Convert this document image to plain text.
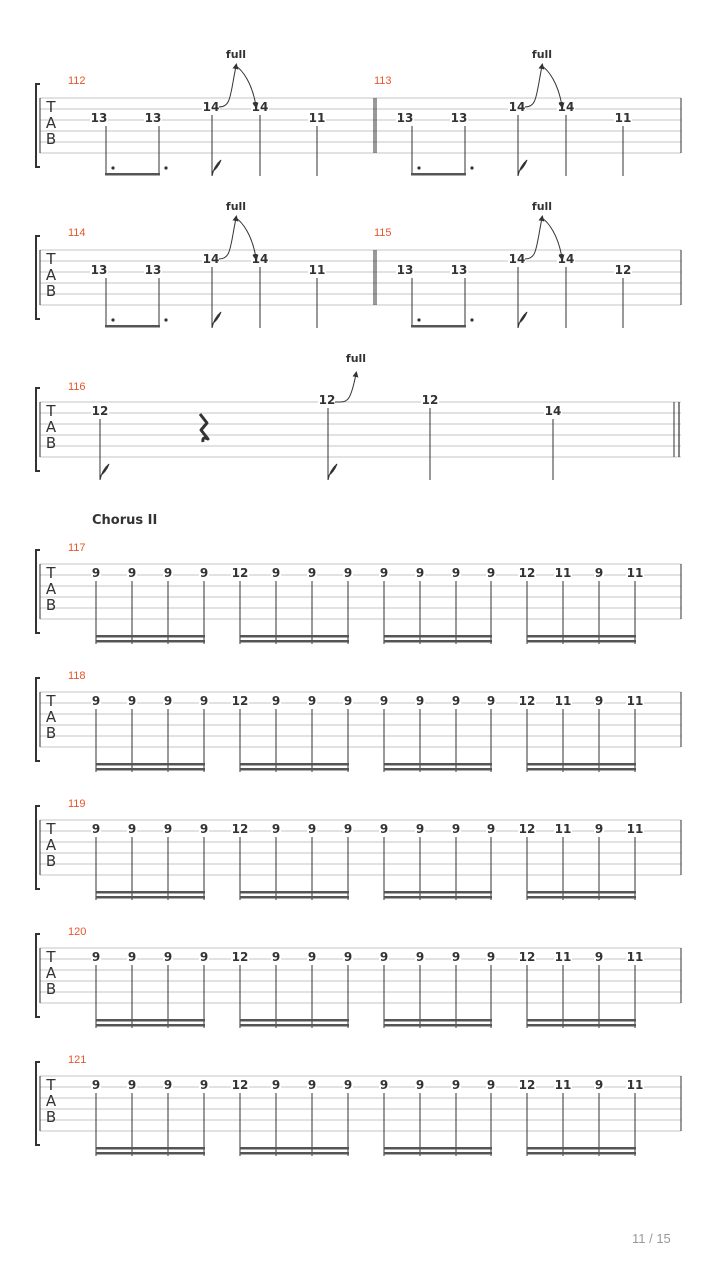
T
A
B
112
13	13
14	14
11
full
113
13	13
14	14
11
full
T
A
B
114
13	13
14	14
11
full
115
13	13
14	14
12
full
T
A
B
116
12
12	12
14
full
Chorus II
T
A
B
117
9 9 9 9 12 9 9 9 9 9 9 9 12 11 9 11
T
A
B
118
9 9 9 9 12 9 9 9 9 9 9 9 12 11 9 11
T
A
B
119
9 9 9 9 12 9 9 9 9 9 9 9 12 11 9 11
T
A
B
120
9 9 9 9 12 9 9 9 9 9 9 9 12 11 9 11
T
A
B
121
9 9 9 9 12 9 9 9 9 9 9 9 12 11 9 11
11 / 15
